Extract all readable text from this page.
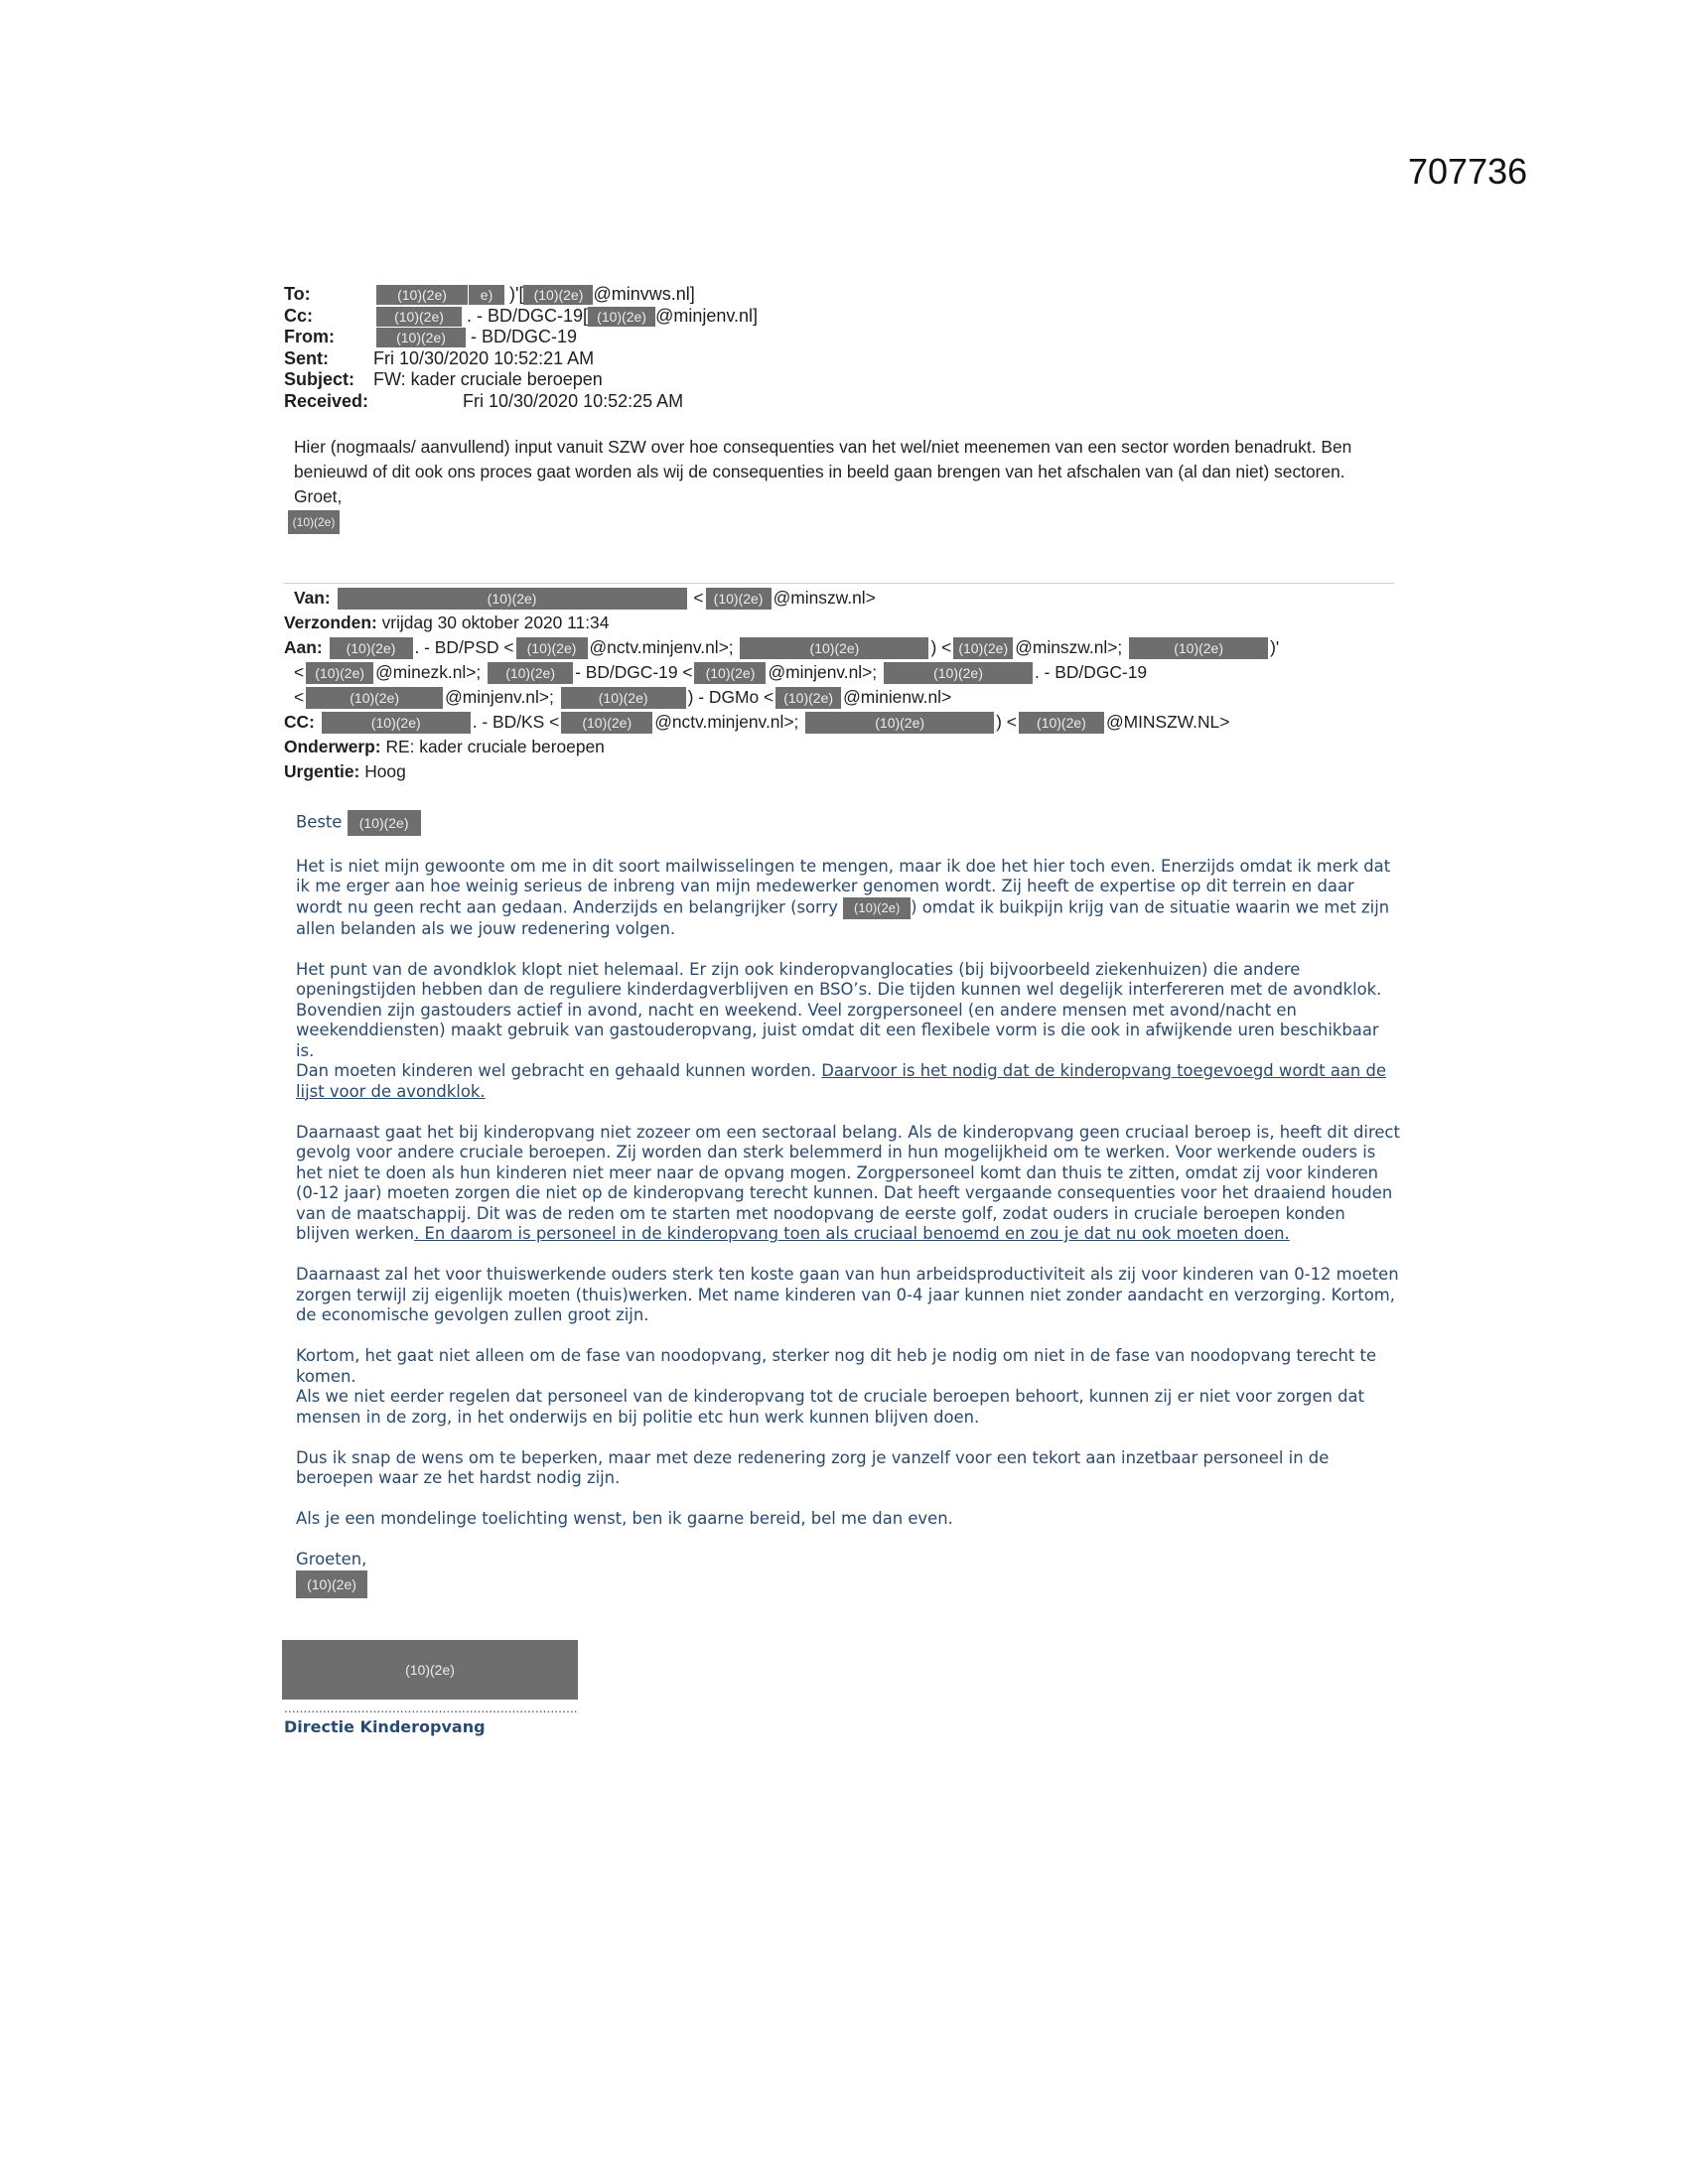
707736
To:	(10)(2e) e) )'[ (10)(2e) @minvws.nl]
Cc:	(10)(2e) . - BD/DGC-19[ (10)(2e) @minjenv.nl]
From:	(10)(2e) - BD/DGC-19
Sent:	Fri 10/30/2020 10:52:21 AM
Subject: FW: kader cruciale beroepen
Received:	Fri 10/30/2020 10:52:25 AM

Hier (nogmaals/ aanvullend) input vanuit SZW over hoe consequenties van het wel/niet meenemen van een sector worden benadrukt. Ben benieuwd of dit ook ons proces gaat worden als wij de consequenties in beeld gaan brengen van het afschalen van (al dan niet) sectoren.

Groet,

(10)(2e)
Van:	(10)(2e)	< (10)(2e) @minszw.nl>
Verzonden: vrijdag 30 oktober 2020 11:34
Aan: (10)(2e) . - BD/PSD < (10)(2e) @nctv.minjenv.nl>;	(10)(2e)	) < (10)(2e) @minszw.nl>;	(10)(2e)	)'
< (10)(2e) @minezk.nl>; (10)(2e) - BD/DGC-19 < (10)(2e) @minjenv.nl>;	(10)(2e)	. - BD/DGC-19
<	(10)(2e)	@minjenv.nl>;	(10)(2e) ) - DGMo < (10)(2e) @minienw.nl>
CC:	(10)(2e)	. - BD/KS < (10)(2e) @nctv.minjenv.nl>;	(10)(2e)	) < (10)(2e) @MINSZW.NL>
Onderwerp: RE: kader cruciale beroepen
Urgentie: Hoog

Beste (10)(2e)

Het is niet mijn gewoonte om me in dit soort mailwisselingen te mengen, maar ik doe het hier toch even. Enerzijds omdat ik merk dat ik me erger aan hoe weinig serieus de inbreng van mijn medewerker genomen wordt. Zij heeft de expertise op dit terrein en daar wordt nu geen recht aan gedaan. Anderzijds en belangrijker (sorry (10)(2e) ) omdat ik buikpijn krijg van de situatie waarin we met zijn allen belanden als we jouw redenering volgen.

Het punt van de avondklok klopt niet helemaal. Er zijn ook kinderopvanglocaties (bij bijvoorbeeld ziekenhuizen) die andere openingstijden hebben dan de reguliere kinderdagverblijven en BSO’s. Die tijden kunnen wel degelijk interfereren met de avondklok. Bovendien zijn gastouders actief in avond, nacht en weekend. Veel zorgpersoneel (en andere mensen met avond/nacht en weekenddiensten) maakt gebruik van gastouderopvang, juist omdat dit een flexibele vorm is die ook in afwijkende uren beschikbaar is.
Dan moeten kinderen wel gebracht en gehaald kunnen worden. Daarvoor is het nodig dat de kinderopvang toegevoegd wordt aan de lijst voor de avondklok.

Daarnaast gaat het bij kinderopvang niet zozeer om een sectoraal belang. Als de kinderopvang geen cruciaal beroep is, heeft dit direct gevolg voor andere cruciale beroepen. Zij worden dan sterk belemmerd in hun mogelijkheid om te werken. Voor werkende ouders is het niet te doen als hun kinderen niet meer naar de opvang mogen. Zorgpersoneel komt dan thuis te zitten, omdat zij voor kinderen (0-12 jaar) moeten zorgen die niet op de kinderopvang terecht kunnen. Dat heeft vergaande consequenties voor het draaiend houden van de maatschappij. Dit was de reden om te starten met noodopvang de eerste golf, zodat ouders in cruciale beroepen konden blijven werken. En daarom is personeel in de kinderopvang toen als cruciaal benoemd en zou je dat nu ook moeten doen.

Daarnaast zal het voor thuiswerkende ouders sterk ten koste gaan van hun arbeidsproductiviteit als zij voor kinderen van 0-12 moeten zorgen terwijl zij eigenlijk moeten (thuis)werken. Met name kinderen van 0-4 jaar kunnen niet zonder aandacht en verzorging. Kortom, de economische gevolgen zullen groot zijn.

Kortom, het gaat niet alleen om de fase van noodopvang, sterker nog dit heb je nodig om niet in de fase van noodopvang terecht te komen.
Als we niet eerder regelen dat personeel van de kinderopvang tot de cruciale beroepen behoort, kunnen zij er niet voor zorgen dat mensen in de zorg, in het onderwijs en bij politie etc hun werk kunnen blijven doen.

Dus ik snap de wens om te beperken, maar met deze redenering zorg je vanzelf voor een tekort aan inzetbaar personeel in de beroepen waar ze het hardst nodig zijn.

Als je een mondelinge toelichting wenst, ben ik gaarne bereid, bel me dan even.

Groeten,
(10)(2e)
(10)(2e)
............................................................................
Directie Kinderopvang
